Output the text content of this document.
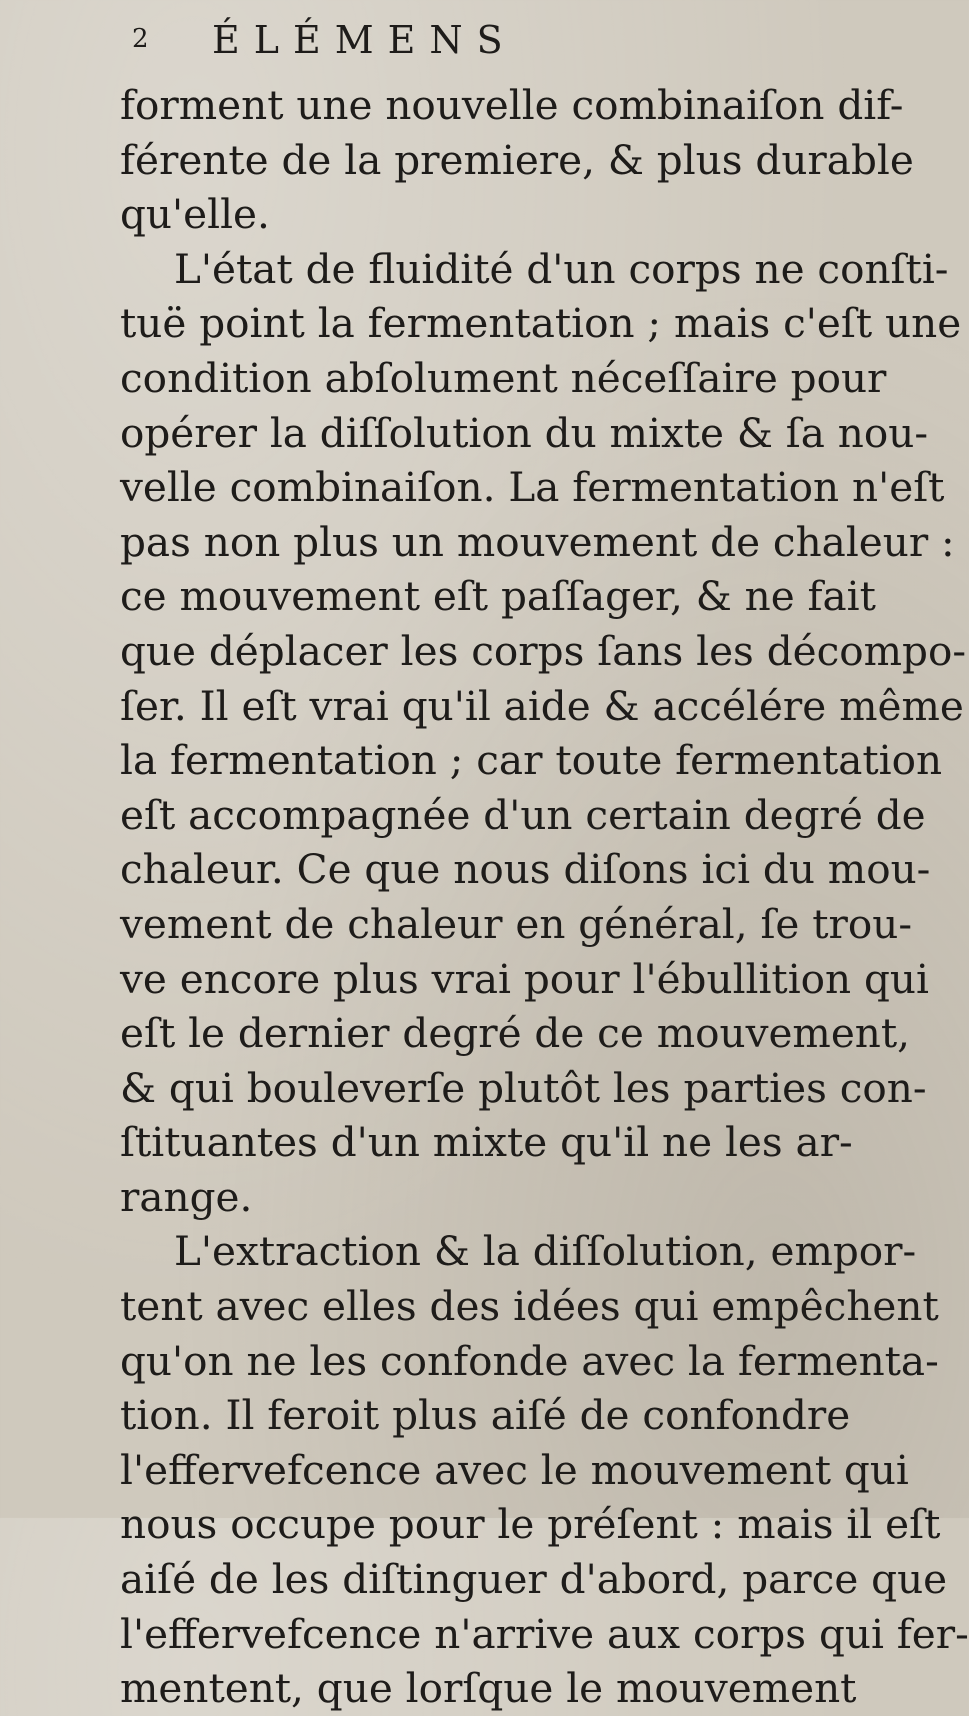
2 ÉLÉMENS
forment une nouvelle combinaiſon dif-
férente de la premiere, & plus durable
qu'elle.
L'état de fluidité d'un corps ne conſti-
tuë point la fermentation ; mais c'eſt une
condition abſolument néceſſaire pour
opérer la diſſolution du mixte & ſa nou-
velle combinaiſon. La fermentation n'eſt
pas non plus un mouvement de chaleur :
ce mouvement eſt paſſager, & ne fait
que déplacer les corps ſans les décompo-
ſer. Il eſt vrai qu'il aide & accélére même
la fermentation ; car toute fermentation
eſt accompagnée d'un certain degré de
chaleur. Ce que nous diſons ici du mou-
vement de chaleur en général, ſe trou-
ve encore plus vrai pour l'ébullition qui
eſt le dernier degré de ce mouvement,
& qui bouleverſe plutôt les parties con-
ſtituantes d'un mixte qu'il ne les ar-
range.
L'extraction & la diſſolution, empor-
tent avec elles des idées qui empêchent
qu'on ne les confonde avec la fermenta-
tion. Il feroit plus aiſé de confondre
l'effervefcence avec le mouvement qui
nous occupe pour le préſent : mais il eſt
aiſé de les diſtinguer d'abord, parce que
l'effervefcence n'arrive aux corps qui fer-
mentent, que lorſque le mouvement
